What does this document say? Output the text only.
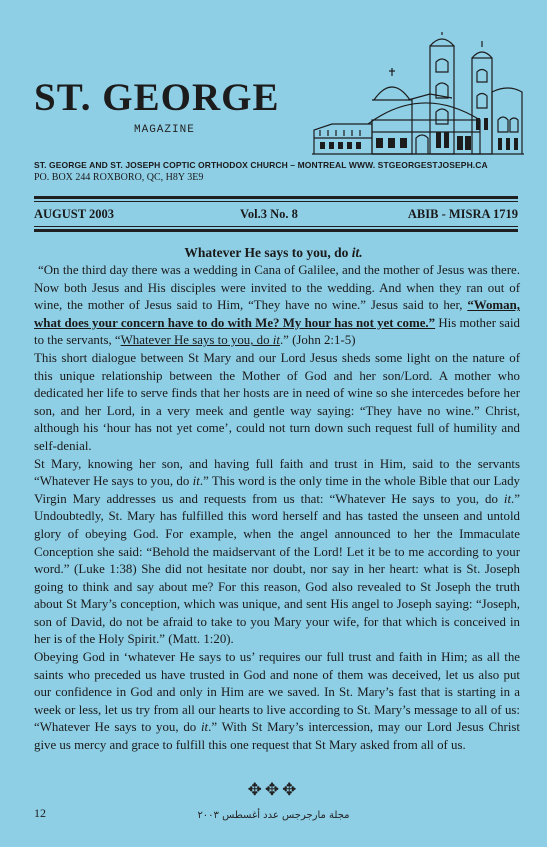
ST. GEORGE
MAGAZINE
ST. GEORGE AND ST. JOSEPH COPTIC ORTHODOX CHURCH – MONTREAL WWW. STGEORGESTJOSEPH.CA
PO. BOX 244 ROXBORO, QC, H8Y 3E9
AUGUST 2003	Vol.3 No. 8	ABIB - MISRA 1719
Whatever He says to you, do it.

“On the third day there was a wedding in Cana of Galilee, and the mother of Jesus was there. Now both Jesus and His disciples were invited to the wedding. And when they ran out of wine, the mother of Jesus said to Him, “They have no wine.” Jesus said to her, “Woman, what does your concern have to do with Me? My hour has not yet come.” His mother said to the servants, “Whatever He says to you, do it.” (John 2:1-5)

This short dialogue between St Mary and our Lord Jesus sheds some light on the nature of this unique relationship between the Mother of God and her son/Lord. A mother who dedicated her life to serve finds that her hosts are in need of wine so she intercedes before her son, and her Lord, in a very meek and gentle way saying: “They have no wine.” Christ, although his ‘hour has not yet come’, could not turn down such request full of humility and self-denial.

St Mary, knowing her son, and having full faith and trust in Him, said to the servants “Whatever He says to you, do it.” This word is the only time in the whole Bible that our Lady Virgin Mary addresses us and requests from us that: “Whatever He says to you, do it.” Undoubtedly, St. Mary has fulfilled this word herself and has tasted the unseen and untold glory of obeying God. For example, when the angel announced to her the Immaculate Conception she said: “Behold the maidservant of the Lord! Let it be to me according to your word.” (Luke 1:38) She did not hesitate nor doubt, nor say in her heart: what is St. Joseph going to think and say about me? For this reason, God also revealed to St Joseph the truth about St Mary’s conception, which was unique, and sent His angel to Joseph saying: “Joseph, son of David, do not be afraid to take to you Mary your wife, for that which is conceived in her is of the Holy Spirit.” (Matt. 1:20).

Obeying God in ‘whatever He says to us’ requires our full trust and faith in Him; as all the saints who preceded us have trusted in God and none of them was deceived, let us also put our confidence in God and only in Him are we saved. In St. Mary’s fast that is starting in a week or less, let us try from all our hearts to live according to St. Mary’s message to all of us: “Whatever He says to you, do it.” With St Mary’s intercession, may our Lord Jesus Christ give us mercy and grace to fulfill this one request that St Mary asked from all of us.

✥✥✥
12	مجلة مارجرجس عدد أغسطس ٢٠٠٣
